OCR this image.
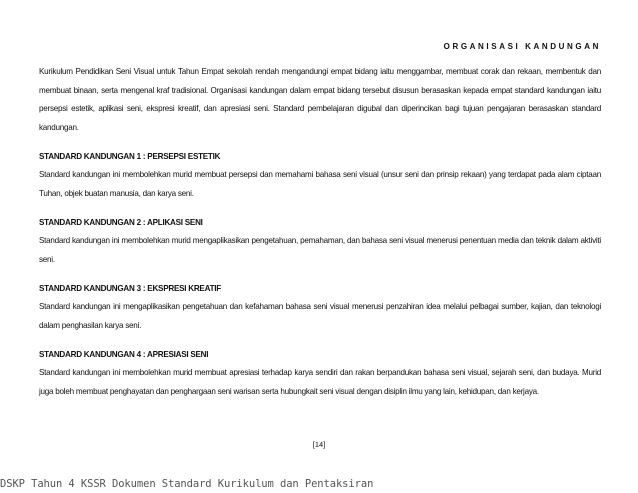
ORGANISASI KANDUNGAN

Kurikulum Pendidikan Seni Visual untuk Tahun Empat sekolah rendah mengandungi empat bidang iaitu menggambar, membuat corak dan rekaan, membentuk dan membuat binaan, serta mengenal kraf tradisional. Organisasi kandungan dalam empat bidang tersebut disusun berasaskan kepada empat standard kandungan iaitu persepsi estetik, aplikasi seni, ekspresi kreatif, dan apresiasi seni. Standard pembelajaran digubal dan diperincikan bagi tujuan pengajaran berasaskan standard kandungan.

STANDARD KANDUNGAN 1 : PERSEPSI ESTETIK

Standard kandungan ini membolehkan murid membuat persepsi dan memahami bahasa seni visual (unsur seni dan prinsip rekaan) yang terdapat pada alam ciptaan Tuhan, objek buatan manusia, dan karya seni.

STANDARD KANDUNGAN 2 : APLIKASI SENI

Standard kandungan ini membolehkan murid mengaplikasikan pengetahuan, pemahaman, dan bahasa seni visual menerusi penentuan media dan teknik dalam aktiviti seni.

STANDARD KANDUNGAN 3 : EKSPRESI KREATIF

Standard kandungan ini mengaplikasikan pengetahuan dan kefahaman bahasa seni visual menerusi penzahiran idea melalui pelbagai sumber, kajian, dan teknologi dalam penghasilan karya seni.

STANDARD KANDUNGAN 4 : APRESIASI SENI

Standard kandungan ini membolehkan murid membuat apresiasi terhadap karya sendiri dan rakan berpandukan bahasa seni visual, sejarah seni, dan budaya. Murid juga boleh membuat penghayatan dan penghargaan seni warisan serta hubungkait seni visual dengan disiplin ilmu yang lain, kehidupan, dan kerjaya.

[14]
DSKP Tahun 4 KSSR Dokumen Standard Kurikulum dan Pentaksiran
